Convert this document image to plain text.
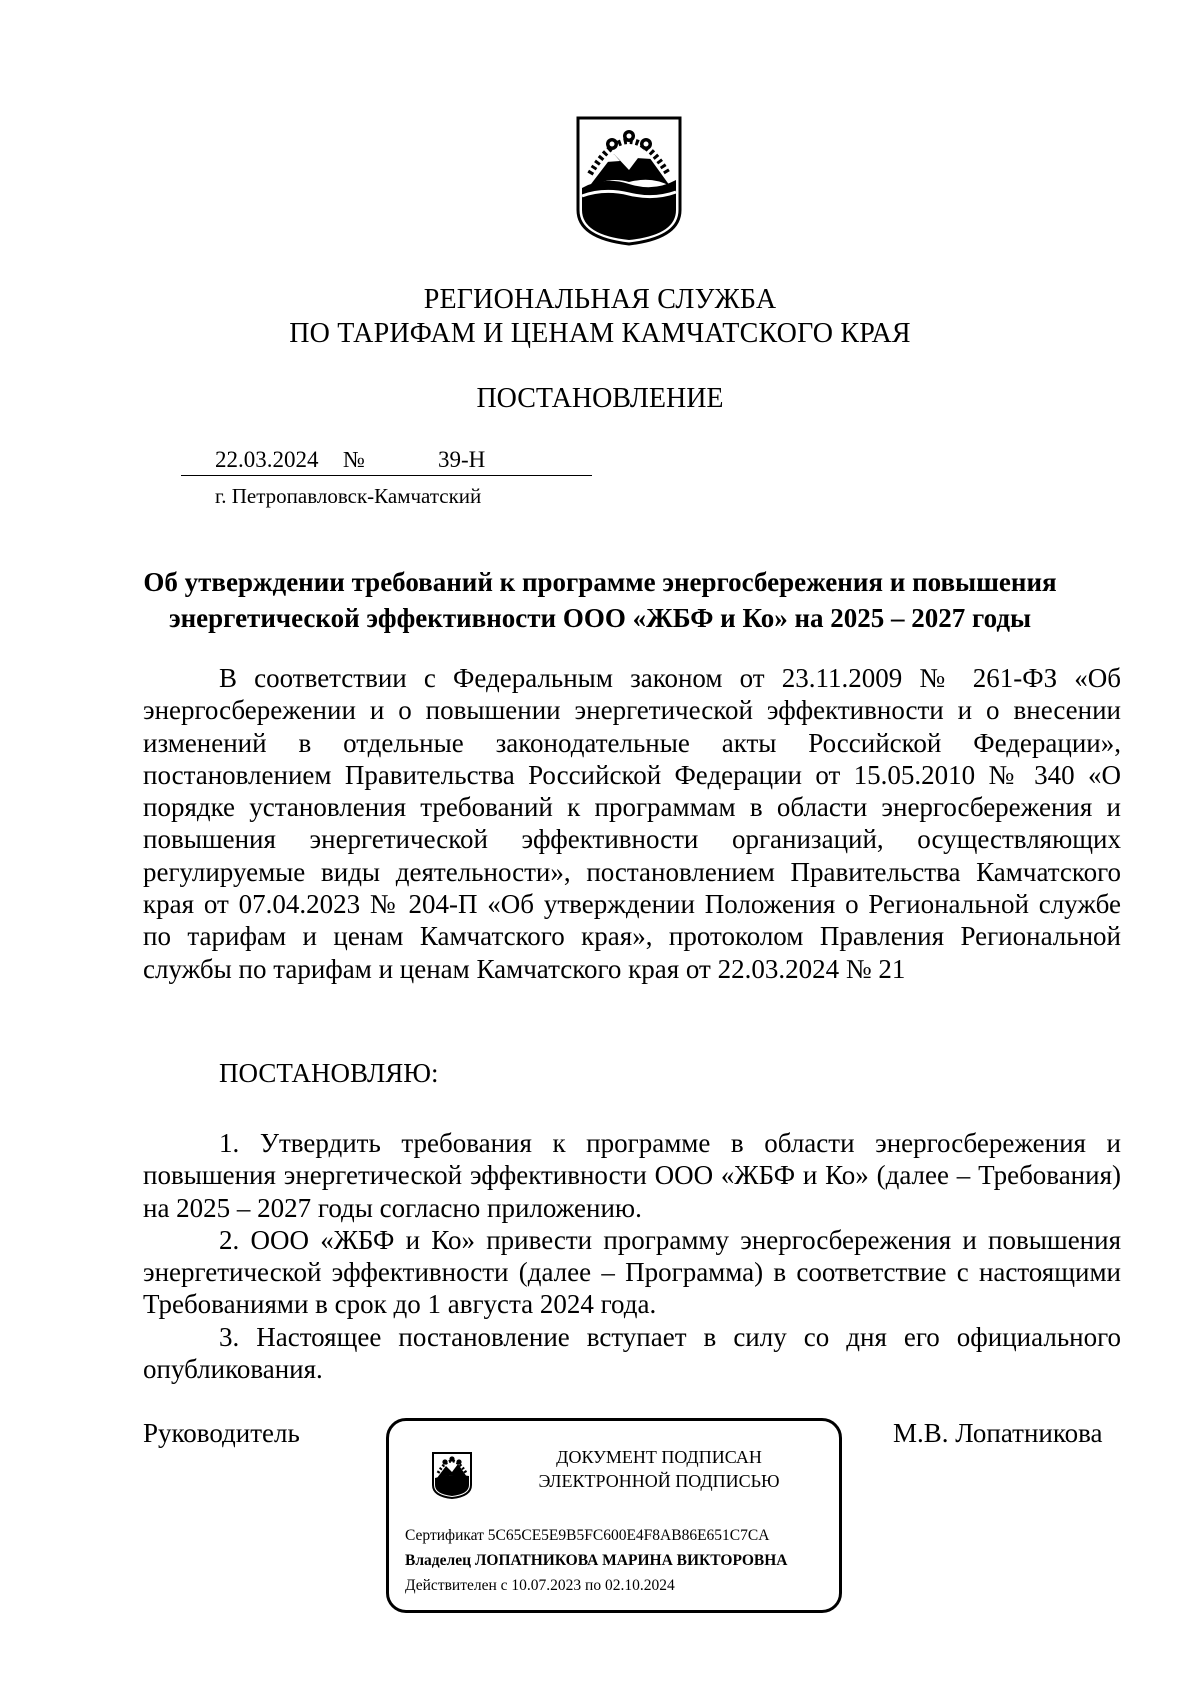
РЕГИОНАЛЬНАЯ СЛУЖБА
ПО ТАРИФАМ И ЦЕНАМ КАМЧАТСКОГО КРАЯ
ПОСТАНОВЛЕНИЕ
22.03.2024 №	39-Н
г. Петропавловск-Камчатский
Об утверждении требований к программе энергосбережения и повышения
энергетической эффективности ООО «ЖБФ и Ко» на 2025 – 2027 годы

В соответствии с Федеральным законом от 23.11.2009 № 261-ФЗ «Об энергосбережении и о повышении энергетической эффективности и о внесении изменений в отдельные законодательные акты Российской Федерации», постановлением Правительства Российской Федерации от 15.05.2010 № 340 «О порядке установления требований к программам в области энергосбережения и повышения энергетической эффективности организаций, осуществляющих регулируемые виды деятельности», постановлением Правительства Камчатского края от 07.04.2023 № 204-П «Об утверждении Положения о Региональной службе по тарифам и ценам Камчатского края», протоколом Правления Региональной службы по тарифам и ценам Камчатского края от 22.03.2024 № 21

ПОСТАНОВЛЯЮ:

1. Утвердить требования к программе в области энергосбережения и повышения энергетической эффективности ООО «ЖБФ и Ко» (далее – Требования) на 2025 – 2027 годы согласно приложению.

2. ООО «ЖБФ и Ко» привести программу энергосбережения и повышения энергетической эффективности (далее – Программа) в соответствие с настоящими Требованиями в срок до 1 августа 2024 года.

3. Настоящее постановление вступает в силу со дня его официального опубликования.

Руководитель	М.В. Лопатникова
ДОКУМЕНТ ПОДПИСАН
ЭЛЕКТРОННОЙ ПОДПИСЬЮ
Сертификат 5C65CE5E9B5FC600E4F8AB86E651C7CA
Владелец ЛОПАТНИКОВА МАРИНА ВИКТОРОВНА
Действителен с 10.07.2023 по 02.10.2024
